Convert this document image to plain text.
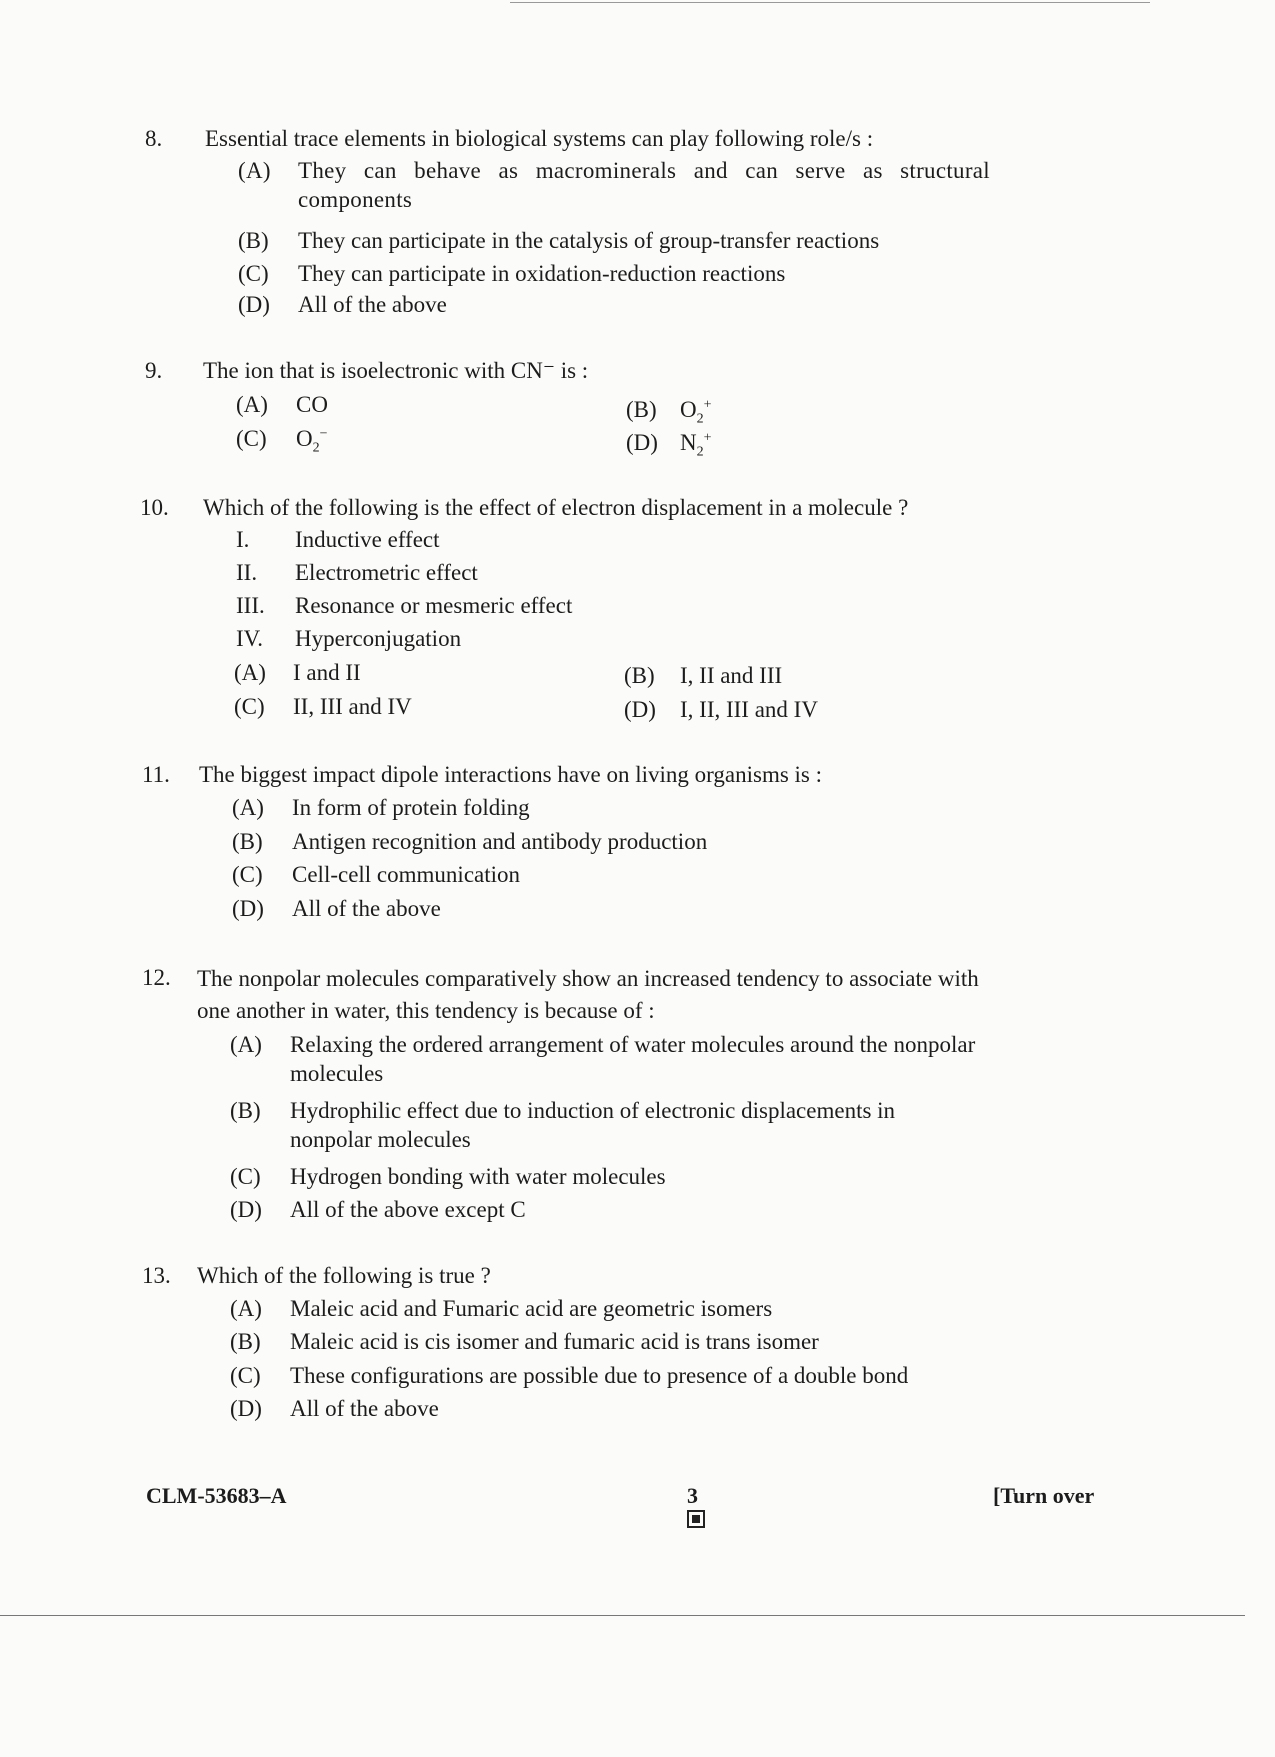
8. Essential trace elements in biological systems can play following role/s :
(A)	They can behave as macrominerals and can serve as structural components
(B) They can participate in the catalysis of group-transfer reactions
(C) They can participate in oxidation-reduction reactions
(D) All of the above
9. The ion that is isoelectronic with CN⁻ is :
(A) CO	(B) $O_2^+$
(C) $O_2^-$	(D) $N_2^+$
10. Which of the following is the effect of electron displacement in a molecule ?
I. Inductive effect
II. Electrometric effect
III. Resonance or mesmeric effect
IV. Hyperconjugation
(A) I and II	(B) I, II and III
(C) II, III and IV	(D) I, II, III and IV
11. The biggest impact dipole interactions have on living organisms is :
(A) In form of protein folding
(B) Antigen recognition and antibody production
(C) Cell-cell communication
(D) All of the above
12. The nonpolar molecules comparatively show an increased tendency to associate with one another in water, this tendency is because of :
(A)	Relaxing the ordered arrangement of water molecules around the nonpolar molecules
(B)	Hydrophilic effect due to induction of electronic displacements in nonpolar molecules
(C) Hydrogen bonding with water molecules
(D) All of the above except C
13. Which of the following is true ?
(A) Maleic acid and Fumaric acid are geometric isomers
(B) Maleic acid is cis isomer and fumaric acid is trans isomer
(C) These configurations are possible due to presence of a double bond
(D) All of the above
CLM-53683–A	3	[Turn over
